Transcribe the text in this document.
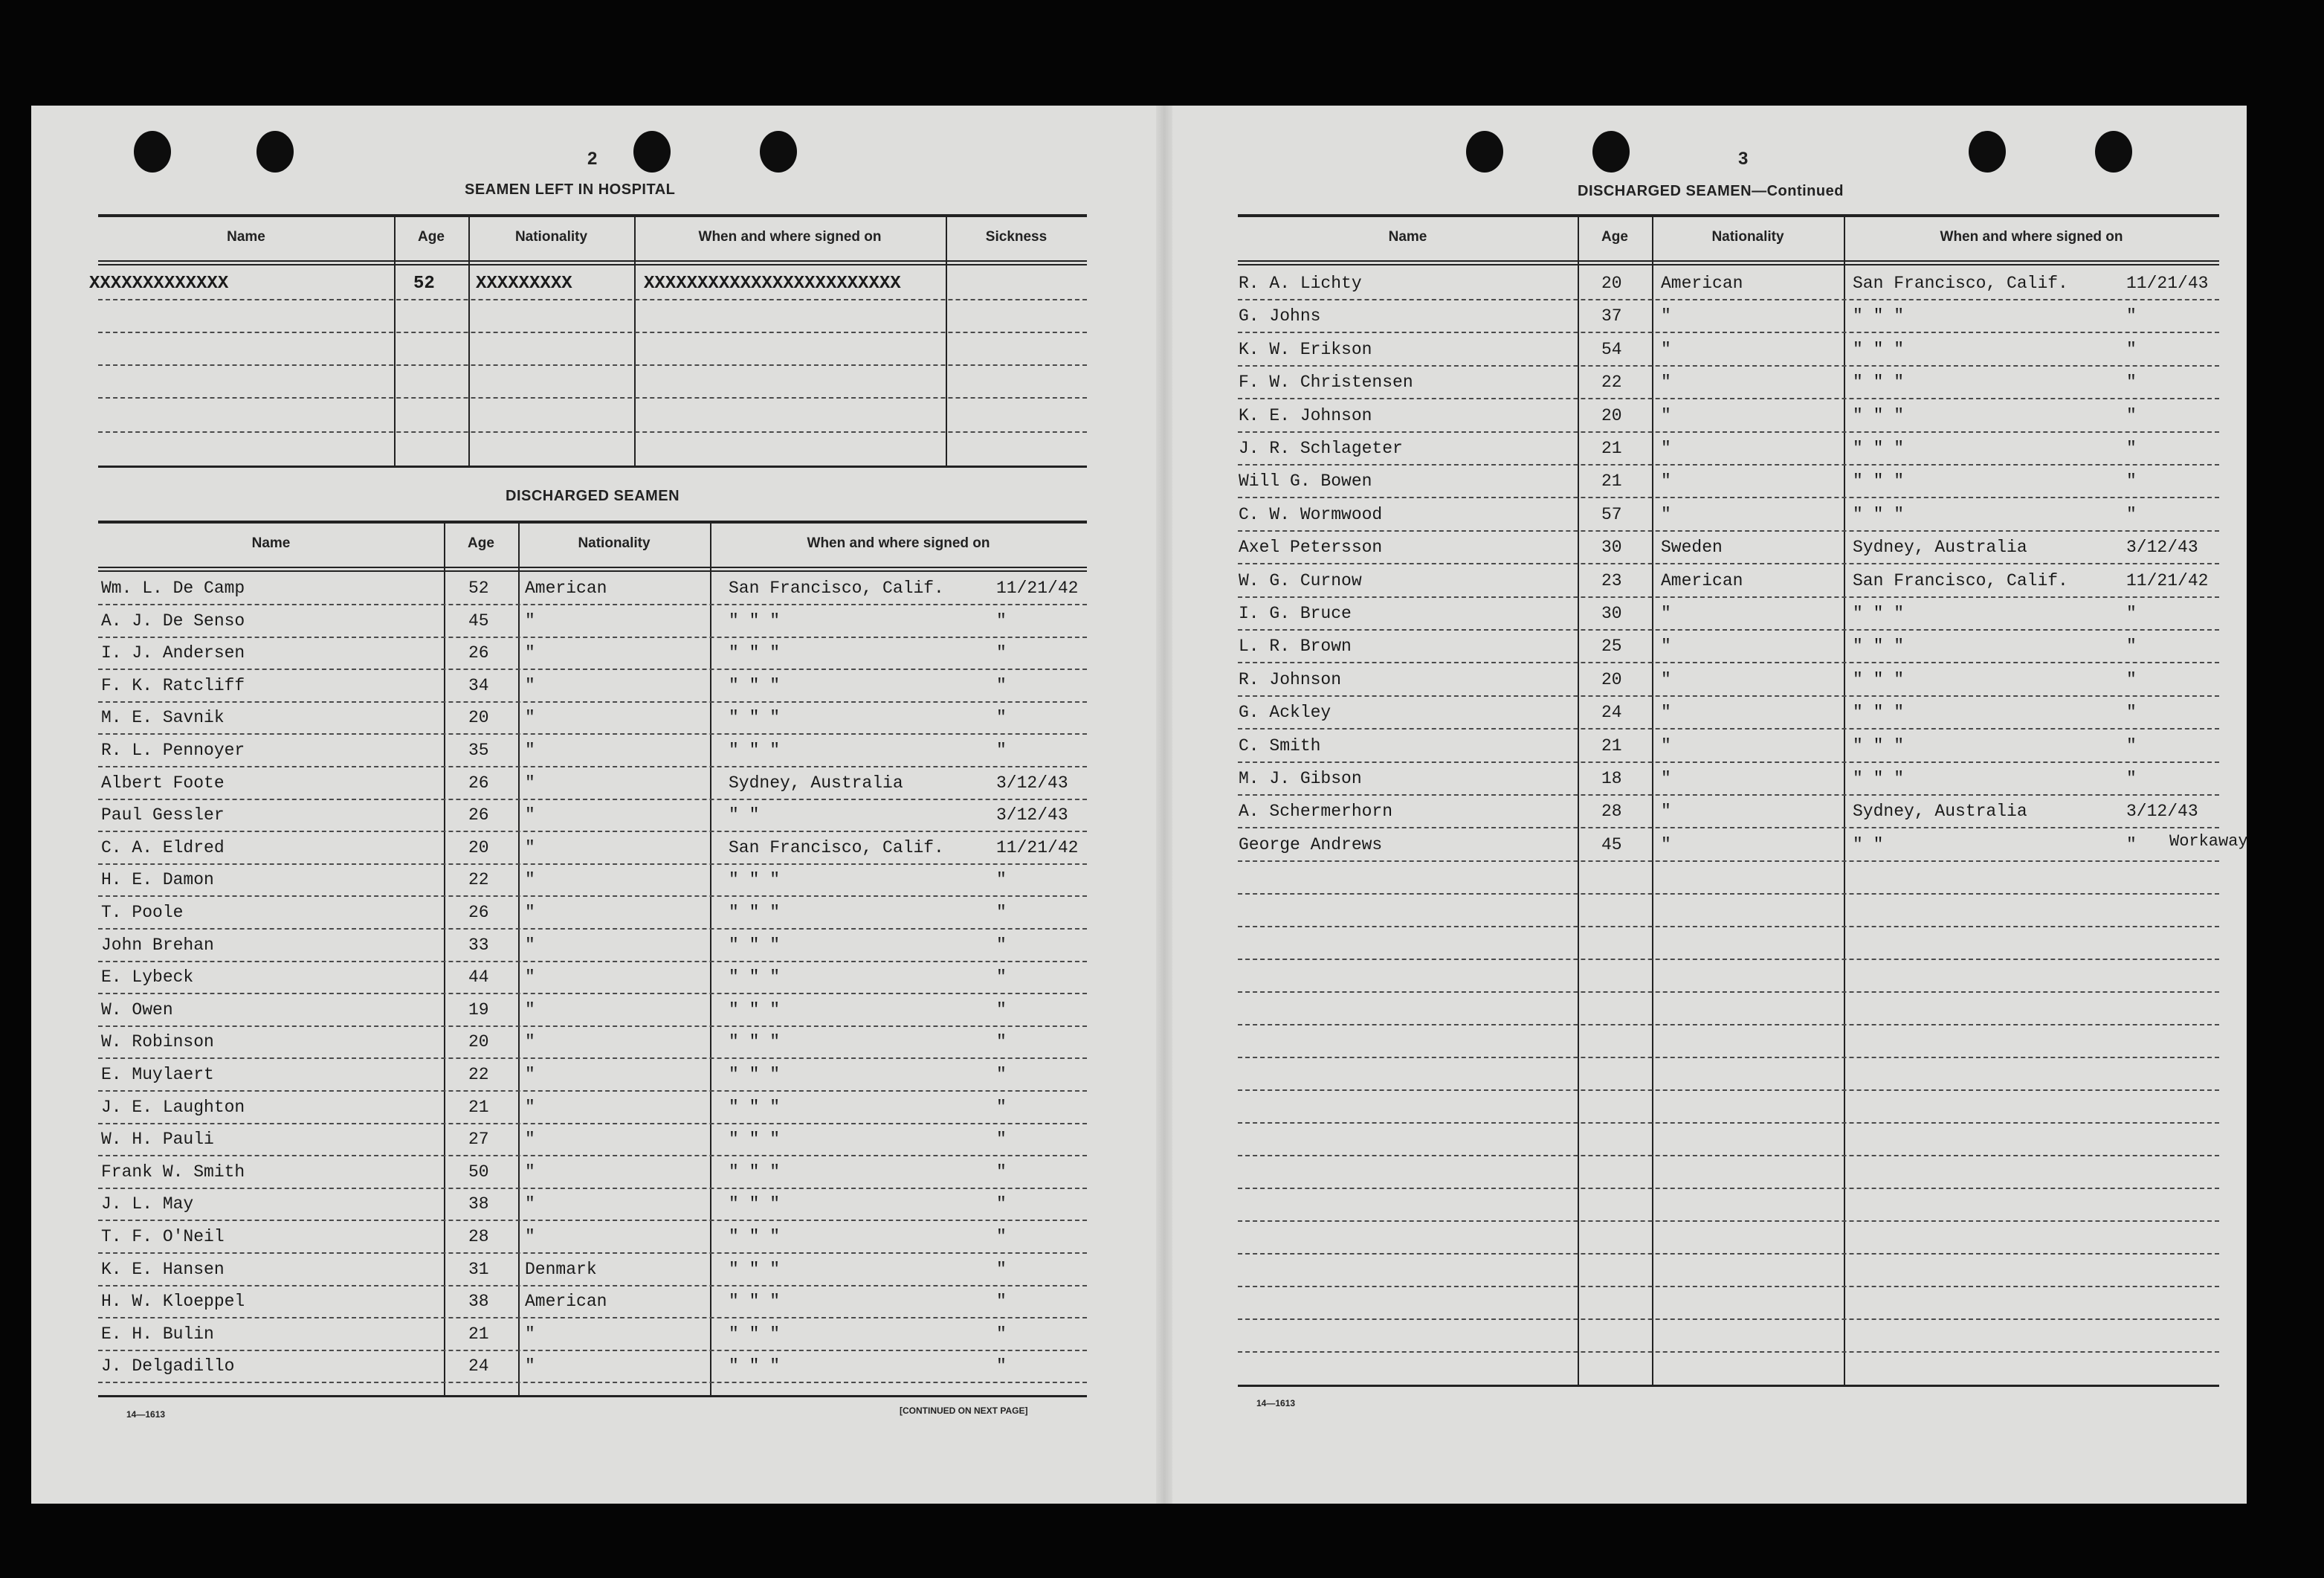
2
SEAMEN LEFT IN HOSPITAL
Name	Age	Nationality	When and where signed on	Sickness
XXXXXXXXXXXXX	52 XXXXXXXXX	XXXXXXXXXXXXXXXXXXXXXXXX
DISCHARGED SEAMEN
Name	Age	Nationality	When and where signed on
Wm. L. De Camp	52 American	San Francisco, Calif.	11/21/42
A. J. De Senso	45 "	" " "	"
I. J. Andersen	26 "	" " "	"
F. K. Ratcliff	34 "	" " "	"
M. E. Savnik	20 "	" " "	"
R. L. Pennoyer	35 "	" " "	"
Albert Foote	26 "	Sydney, Australia	3/12/43
Paul Gessler	26 "	" "	3/12/43
C. A. Eldred	20 "	San Francisco, Calif.	11/21/42
H. E. Damon	22 "	" " "	"
T. Poole	26 "	" " "	"
John Brehan	33 "	" " "	"
E. Lybeck	44 "	" " "	"
W. Owen	19 "	" " "	"
W. Robinson	20 "	" " "	"
E. Muylaert	22 "	" " "	"
J. E. Laughton	21 "	" " "	"
W. H. Pauli	27 "	" " "	"
Frank W. Smith	50 "	" " "	"
J. L. May	38 "	" " "	"
T. F. O'Neil	28 "	" " "	"
K. E. Hansen	31 Denmark	" " "	"
H. W. Kloeppel	38 American	" " "	"
E. H. Bulin	21 "	" " "	"
J. Delgadillo	24 "	" " "	"
14—1613	[CONTINUED ON NEXT PAGE]
3
DISCHARGED SEAMEN—Continued
Name	Age	Nationality	When and where signed on
R. A. Lichty	20 American	San Francisco, Calif.	11/21/43
G. Johns	37 "	" " "	"
K. W. Erikson	54 "	" " "	"
F. W. Christensen	22 "	" " "	"
K. E. Johnson	20 "	" " "	"
J. R. Schlageter	21 "	" " "	"
Will G. Bowen	21 "	" " "	"
C. W. Wormwood	57 "	" " "	"
Axel Petersson	30 Sweden	Sydney, Australia	3/12/43
W. G. Curnow	23 American	San Francisco, Calif.	11/21/42
I. G. Bruce	30 "	" " "	"
L. R. Brown	25 "	" " "	"
R. Johnson	20 "	" " "	"
G. Ackley	24 "	" " "	"
C. Smith	21 "	" " "	"
M. J. Gibson	18 "	" " "	"
A. Schermerhorn	28 "	Sydney, Australia	3/12/43
George Andrews	45 "	" "	" Workaway
14—1613
